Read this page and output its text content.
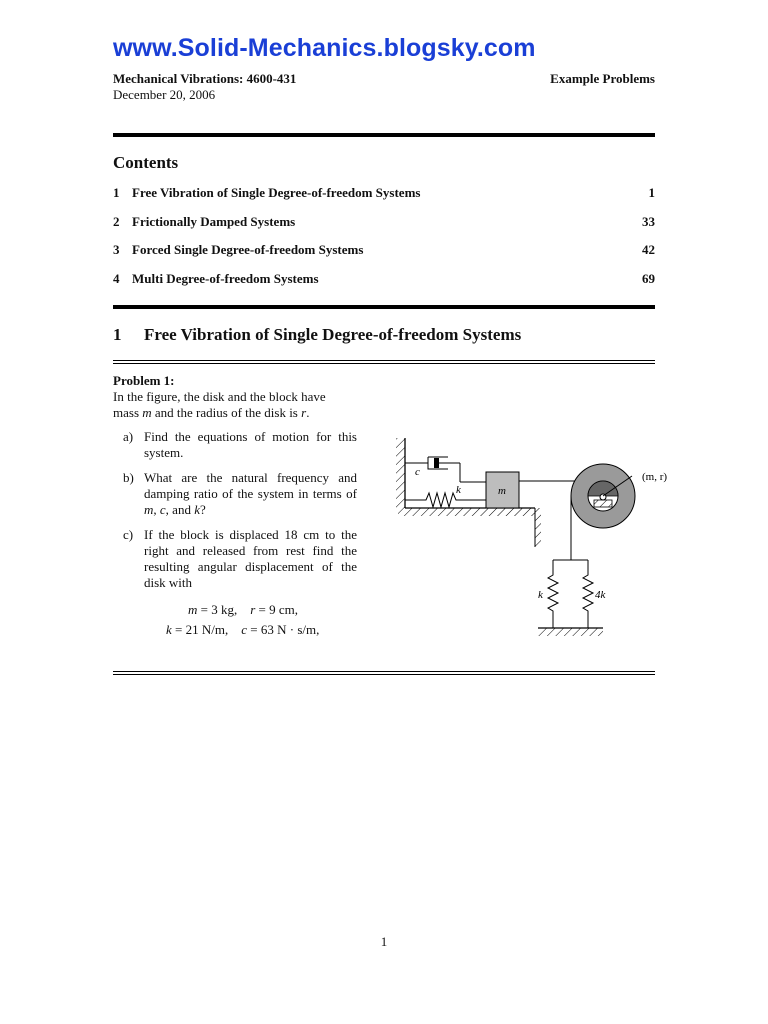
www.Solid-Mechanics.blogsky.com
Mechanical Vibrations: 4600-431
December 20, 2006
Example Problems
Contents
1 Free Vibration of Single Degree-of-freedom Systems	1
2 Frictionally Damped Systems	33
3 Forced Single Degree-of-freedom Systems	42
4 Multi Degree-of-freedom Systems	69
1 Free Vibration of Single Degree-of-freedom Systems
Problem 1:
In the figure, the disk and the block have
mass m and the radius of the disk is r.
a) Find the equations of motion for this system.
b) What are the natural frequency and damping ratio of the system in terms of m, c, and k?
c) If the block is displaced 18 cm to the right and released from rest find the resulting angular displacement of the disk with
m = 3 kg, r = 9 cm,
k = 21 N/m, c = 63 N · s/m,
c
k	m
(m, r)
k	4k
1
